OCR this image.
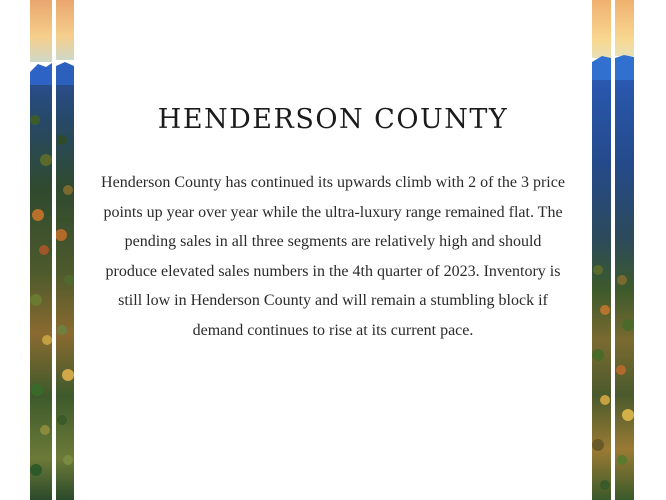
HENDERSON COUNTY

Henderson County has continued its upwards climb with 2 of the 3 price points up year over year while the ultra-luxury range remained flat. The pending sales in all three segments are relatively high and should produce elevated sales numbers in the 4th quarter of 2023. Inventory is still low in Henderson County and will remain a stumbling block if demand continues to rise at its current pace.
